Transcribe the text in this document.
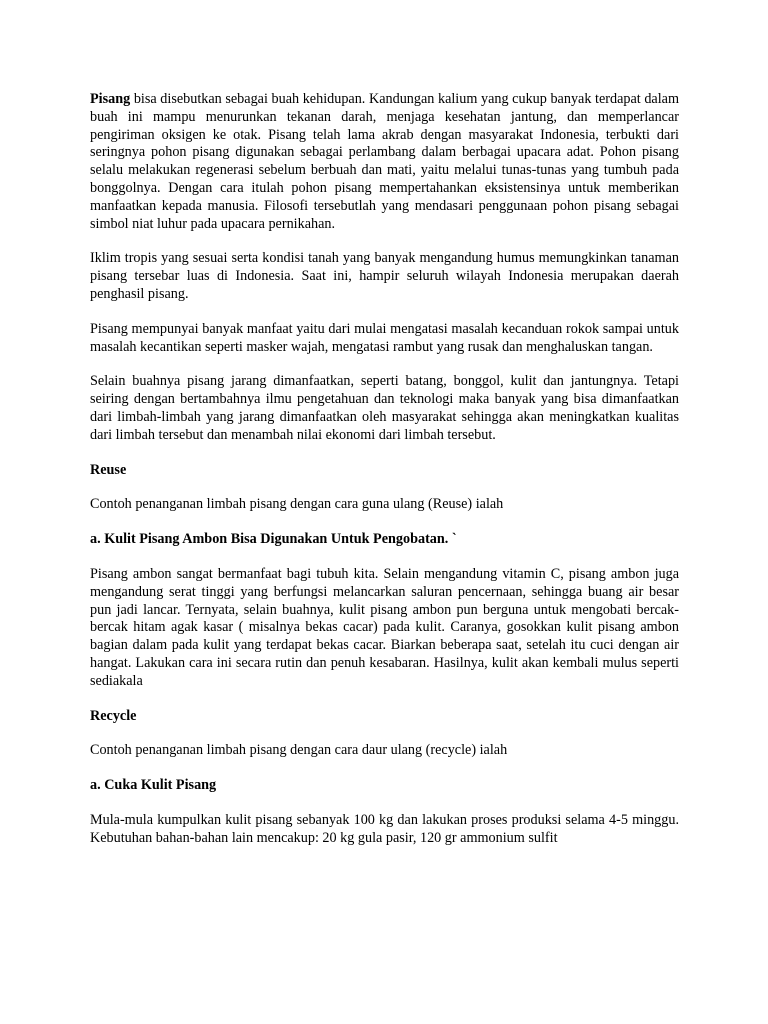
Pisang bisa disebutkan sebagai buah kehidupan. Kandungan kalium yang cukup banyak terdapat dalam buah ini mampu menurunkan tekanan darah, menjaga kesehatan jantung, dan memperlancar pengiriman oksigen ke otak. Pisang telah lama akrab dengan masyarakat Indonesia, terbukti dari seringnya pohon pisang digunakan sebagai perlambang dalam berbagai upacara adat. Pohon pisang selalu melakukan regenerasi sebelum berbuah dan mati, yaitu melalui tunas-tunas yang tumbuh pada bonggolnya. Dengan cara itulah pohon pisang mempertahankan eksistensinya untuk memberikan manfaatkan kepada manusia. Filosofi tersebutlah yang mendasari penggunaan pohon pisang sebagai simbol niat luhur pada upacara pernikahan.

Iklim tropis yang sesuai serta kondisi tanah yang banyak mengandung humus memungkinkan tanaman pisang tersebar luas di Indonesia. Saat ini, hampir seluruh wilayah Indonesia merupakan daerah penghasil pisang.

Pisang mempunyai banyak manfaat yaitu dari mulai mengatasi masalah kecanduan rokok sampai untuk masalah kecantikan seperti masker wajah, mengatasi rambut yang rusak dan menghaluskan tangan.

Selain buahnya pisang jarang dimanfaatkan, seperti batang, bonggol, kulit dan jantungnya. Tetapi seiring dengan bertambahnya ilmu pengetahuan dan teknologi maka banyak yang bisa dimanfaatkan dari limbah-limbah yang jarang dimanfaatkan oleh masyarakat sehingga akan meningkatkan kualitas dari limbah tersebut dan menambah nilai ekonomi dari limbah tersebut.

Reuse

Contoh penanganan limbah pisang dengan cara guna ulang (Reuse) ialah

a. Kulit Pisang Ambon Bisa Digunakan Untuk Pengobatan. `

Pisang ambon sangat bermanfaat bagi tubuh kita. Selain mengandung vitamin C, pisang ambon juga mengandung serat tinggi yang berfungsi melancarkan saluran pencernaan, sehingga buang air besar pun jadi lancar. Ternyata, selain buahnya, kulit pisang ambon pun berguna untuk mengobati bercak-bercak hitam agak kasar ( misalnya bekas cacar) pada kulit. Caranya, gosokkan kulit pisang ambon bagian dalam pada kulit yang terdapat bekas cacar. Biarkan beberapa saat, setelah itu cuci dengan air hangat. Lakukan cara ini secara rutin dan penuh kesabaran. Hasilnya, kulit akan kembali mulus seperti sediakala

Recycle

Contoh penanganan limbah pisang dengan cara daur ulang (recycle) ialah

a. Cuka Kulit Pisang

Mula-mula kumpulkan kulit pisang sebanyak 100 kg dan lakukan proses produksi selama 4-5 minggu. Kebutuhan bahan-bahan lain mencakup: 20 kg gula pasir, 120 gr ammonium sulfit
